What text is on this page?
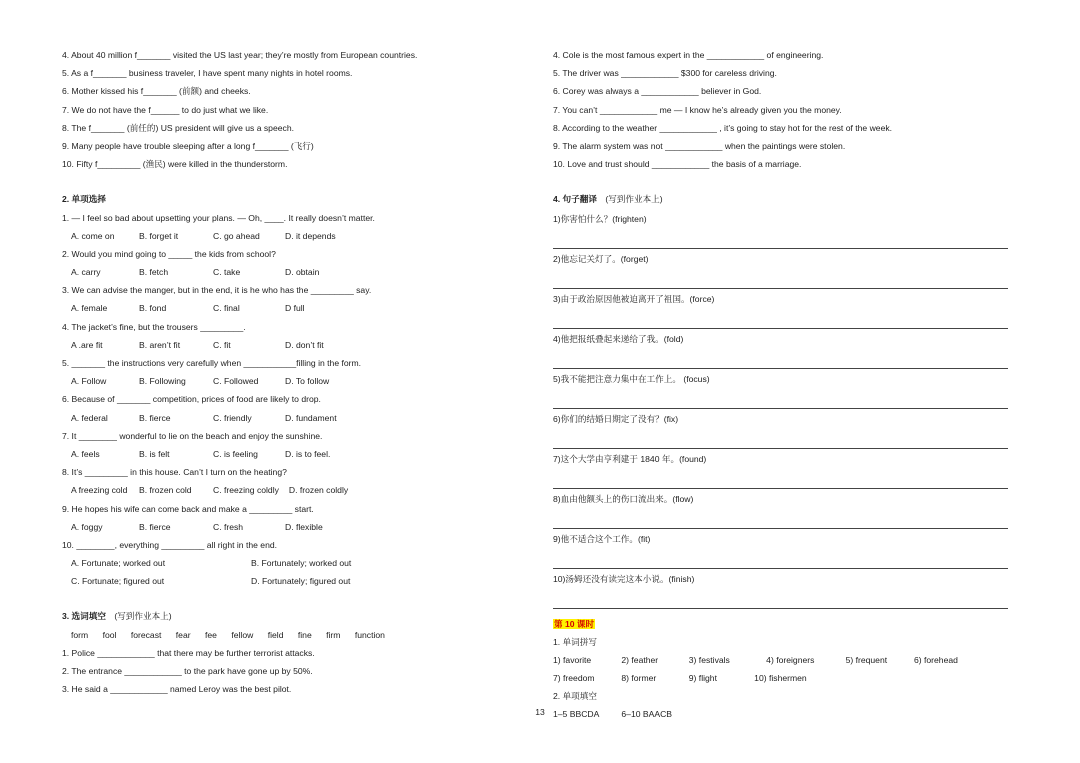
4. About 40 million f_______ visited the US last year; they’re mostly from European countries.
5. As a f_______ business traveler, I have spent many nights in hotel rooms.
6. Mother kissed his f_______ (前额) and cheeks.
7. We do not have the f______ to do just what we like.
8. The f_______ (前任的) US president will give us a speech.
9. Many people have trouble sleeping after a long f_______ (飞行)
10. Fifty f_________ (渔民) were killed in the thunderstorm.
2. 单项选择
1. — I feel so bad about upsetting your plans. — Oh, ____. It really doesn’t matter.
A. come on	B. forget it	C. go ahead	D. it depends
2. Would you mind going to _____ the kids from school?
A. carry	B. fetch	C. take	D. obtain
3. We can advise the manger, but in the end, it is he who has the _________ say.
A. female	B. fond	C. final	D full
4. The jacket’s fine, but the trousers _________.
A .are fit	B. aren’t fit	C. fit	D. don’t fit
5. _______ the instructions very carefully when ___________filling in the form.
A. Follow	B. Following	C. Followed	D. To follow
6. Because of _______ competition, prices of food are likely to drop.
A. federal	B. fierce	C. friendly	D. fundament
7. It ________ wonderful to lie on the beach and enjoy the sunshine.
A. feels	B. is felt	C. is feeling	D. is to feel.
8. It’s _________ in this house. Can’t I turn on the heating?
A freezing cold B. frozen cold C. freezing coldly D. frozen coldly
9. He hopes his wife can come back and make a _________ start.
A. foggy	B. fierce	C. fresh	D. flexible
10. ________, everything _________ all right in the end.
A. Fortunate; worked out	B. Fortunately; worked out
C. Fortunate; figured out	D. Fortunately; figured out
3. 选词填空 (写到作业本上)
form fool forecast fear fee fellow field fine firm function
1. Police ____________ that there may be further terrorist attacks.
2. The entrance ____________ to the park have gone up by 50%.
3. He said a ____________ named Leroy was the best pilot.
4. Cole is the most famous expert in the ____________ of engineering.
5. The driver was ____________ $300 for careless driving.
6. Corey was always a ____________ believer in God.
7. You can’t ____________ me — I know he’s already given you the money.
8. According to the weather ____________ , it’s going to stay hot for the rest of the week.
9. The alarm system was not ____________ when the paintings were stolen.
10. Love and trust should ____________ the basis of a marriage.
4. 句子翻译 (写到作业本上)
1)你害怕什么？(frighten)
2)他忘记关灯了。(forget)
3)由于政治原因他被迫离开了祖国。(force)
4)他把报纸叠起来递给了我。(fold)
5)我不能把注意力集中在工作上。 (focus)
6)你们的结婚日期定了没有？(fix)
7)这个大学由亨利建于 1840 年。(found)
8)血由他额头上的伤口流出来。(flow)
9)他不适合这个工作。(fit)
10)汤姆还没有读完这本小说。(finish)
第 10 课时
1. 单词拼写
1) favorite	2) feather	3) festivals	4) foreigners	5) frequent	6) forehead
7) freedom	8) former	9) flight	10) fishermen
2. 单项填空
1–5 BBCDA	6–10 BAACB
13
